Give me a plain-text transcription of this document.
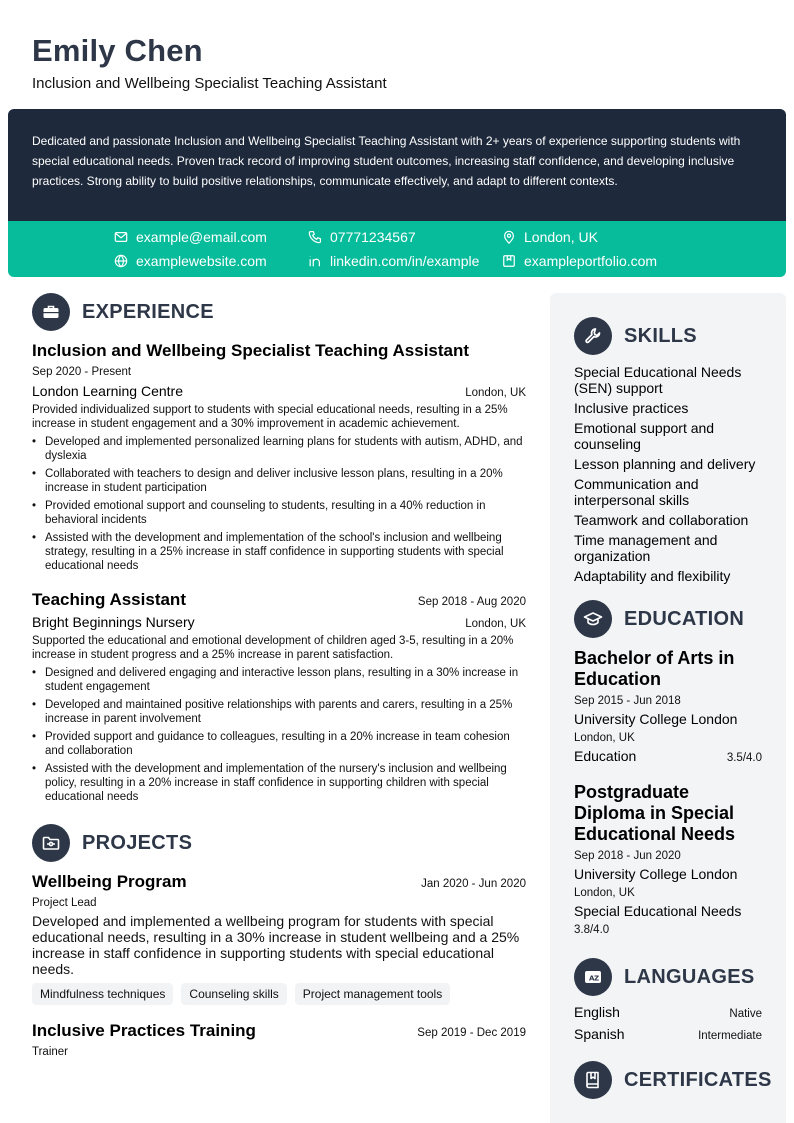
Emily Chen
Inclusion and Wellbeing Specialist Teaching Assistant
Dedicated and passionate Inclusion and Wellbeing Specialist Teaching Assistant with 2+ years of experience supporting students with special educational needs. Proven track record of improving student outcomes, increasing staff confidence, and developing inclusive practices. Strong ability to build positive relationships, communicate effectively, and adapt to different contexts.
example@email.com	07771234567	London, UK
examplewebsite.com	linkedin.com/in/example	exampleportfolio.com
EXPERIENCE
Inclusion and Wellbeing Specialist Teaching Assistant
Sep 2020 - Present
London Learning Centre	London, UK
Provided individualized support to students with special educational needs, resulting in a 25% increase in student engagement and a 30% improvement in academic achievement.
• Developed and implemented personalized learning plans for students with autism, ADHD, and dyslexia
• Collaborated with teachers to design and deliver inclusive lesson plans, resulting in a 20% increase in student participation
• Provided emotional support and counseling to students, resulting in a 40% reduction in behavioral incidents
• Assisted with the development and implementation of the school's inclusion and wellbeing strategy, resulting in a 25% increase in staff confidence in supporting students with special educational needs
Teaching Assistant	Sep 2018 - Aug 2020
Bright Beginnings Nursery	London, UK
Supported the educational and emotional development of children aged 3-5, resulting in a 20% increase in student progress and a 25% increase in parent satisfaction.
• Designed and delivered engaging and interactive lesson plans, resulting in a 30% increase in student engagement
• Developed and maintained positive relationships with parents and carers, resulting in a 25% increase in parent involvement
• Provided support and guidance to colleagues, resulting in a 20% increase in team cohesion and collaboration
• Assisted with the development and implementation of the nursery's inclusion and wellbeing policy, resulting in a 20% increase in staff confidence in supporting children with special educational needs
PROJECTS
Wellbeing Program	Jan 2020 - Jun 2020
Project Lead
Developed and implemented a wellbeing program for students with special educational needs, resulting in a 30% increase in student wellbeing and a 25% increase in staff confidence in supporting students with special educational needs.
Mindfulness techniques	Counseling skills	Project management tools
Inclusive Practices Training	Sep 2019 - Dec 2019
Trainer
SKILLS
Special Educational Needs (SEN) support
Inclusive practices
Emotional support and counseling
Lesson planning and delivery
Communication and interpersonal skills
Teamwork and collaboration
Time management and organization
Adaptability and flexibility
EDUCATION
Bachelor of Arts in Education
Sep 2015 - Jun 2018
University College London
London, UK
Education	3.5/4.0
Postgraduate Diploma in Special Educational Needs
Sep 2018 - Jun 2020
University College London
London, UK
Special Educational Needs
3.8/4.0
A Z LANGUAGES
English	Native
Spanish	Intermediate
CERTIFICATES
